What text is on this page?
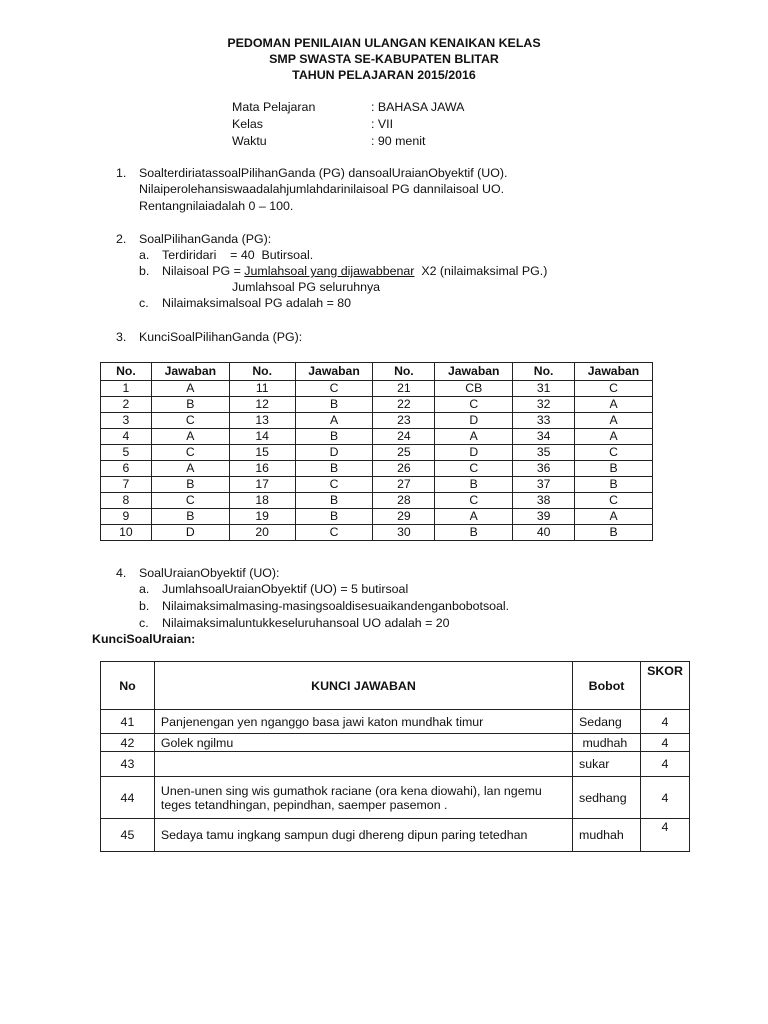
PEDOMAN PENILAIAN ULANGAN KENAIKAN KELAS
SMP SWASTA SE-KABUPATEN BLITAR
TAHUN PELAJARAN 2015/2016
Mata Pelajaran	: BAHASA JAWA
Kelas	: VII
Waktu	: 90 menit
1. SoalterdiriatassoalPilihanGanda (PG) dansoalUraianObyektif (UO).
Nilaiperolehansiswaadalahjumlahdarinilaisoal PG dannilaisoal UO.
Rentangnilaiadalah 0 – 100.
2. SoalPilihanGanda (PG):
a. Terdiridari    = 40  Butirsoal.
b. Nilaisoal PG = Jumlahsoal yang dijawabbenar  X2 (nilaimaksimal PG.)
Jumlahsoal PG seluruhnya
c. Nilaimaksimalsoal PG adalah = 80
3. KunciSoalPilihanGanda (PG):
No.	Jawaban	No.	Jawaban	No.	Jawaban	No.	Jawaban
1	A	11	C	21	CB	31	C
2	B	12	B	22	C	32	A
3	C	13	A	23	D	33	A
4	A	14	B	24	A	34	A
5	C	15	D	25	D	35	C
6	A	16	B	26	C	36	B
7	B	17	C	27	B	37	B
8	C	18	B	28	C	38	C
9	B	19	B	29	A	39	A
10	D	20	C	30	B	40	B
4. SoalUraianObyektif (UO):
a. JumlahsoalUraianObyektif (UO) = 5 butirsoal
b. Nilaimaksimalmasing-masingsoaldisesuaikandenganbobotsoal.
c. Nilaimaksimaluntukkeseluruhansoal UO adalah = 20
KunciSoalUraian:
No	KUNCI JAWABAN	Bobot	SKOR
41	Panjenengan yen nganggo basa jawi katon mundhak timur	Sedang	4
42	Golek ngilmu	mudhah	4
43		sukar	4
44	Unen-unen sing wis gumathok raciane (ora kena diowahi), lan ngemu
teges tetandhingan, pepindhan, saemper pasemon .	sedhang	4
45	Sedaya tamu ingkang sampun dugi dhereng dipun paring tetedhan	mudhah	4
